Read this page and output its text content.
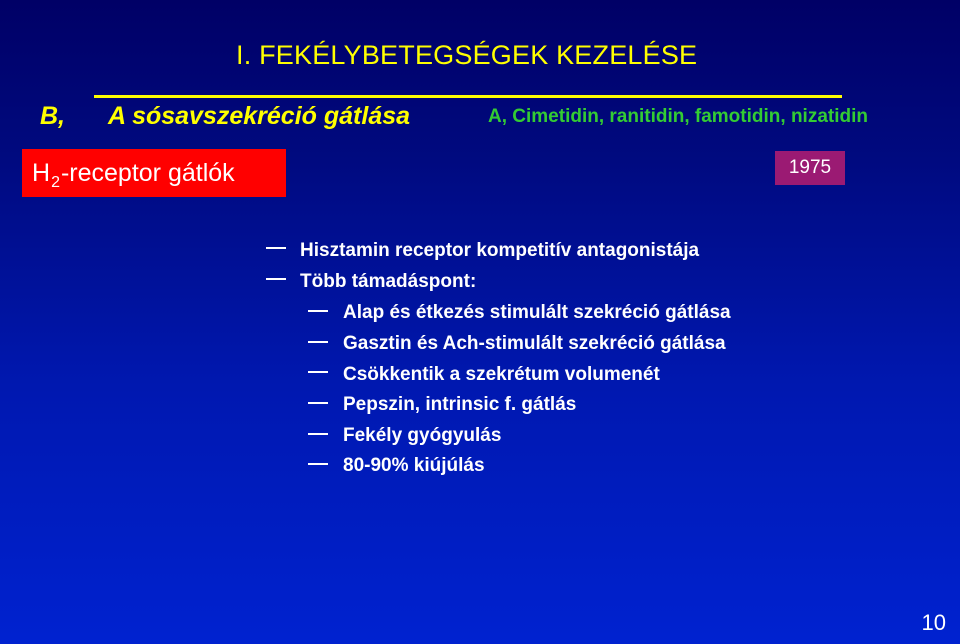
I. FEKÉLYBETEGSÉGEK KEZELÉSE
B, A sósavszekréció gátlása	A, Cimetidin, ranitidin, famotidin, nizatidin
$H_2$-receptor gátlók	1975
Hisztamin receptor kompetitív antagonistája
Több támadáspont:
Alap és étkezés stimulált szekréció gátlása
Gasztin és Ach-stimulált szekréció gátlása
Csökkentik a szekrétum volumenét
Pepszin, intrinsic f. gátlás
Fekély gyógyulás
80-90% kiújúlás
10
